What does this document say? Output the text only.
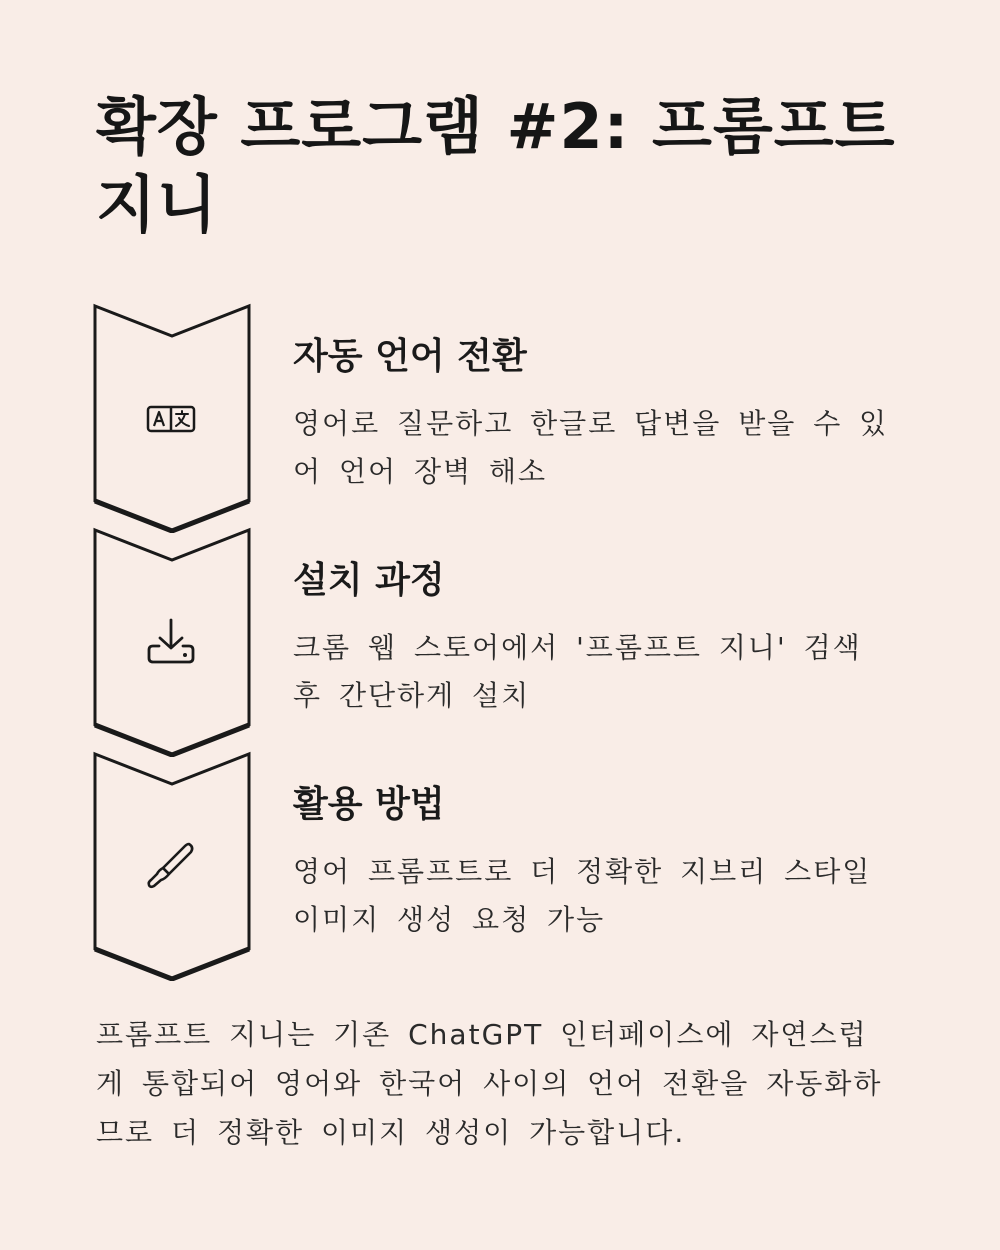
확장 프로그램 #2: 프롬프트 지니
자동 언어 전환

영어로 질문하고 한글로 답변을 받을 수 있어 언어 장벽 해소

설치 과정

크롬 웹 스토어에서 '프롬프트 지니' 검색 후 간단하게 설치

활용 방법

영어 프롬프트로 더 정확한 지브리 스타일 이미지 생성 요청 가능

프롬프트 지니는 기존 ChatGPT 인터페이스에 자연스럽게 통합되어 영어와 한국어 사이의 언어 전환을 자동화하므로 더 정확한 이미지 생성이 가능합니다.
